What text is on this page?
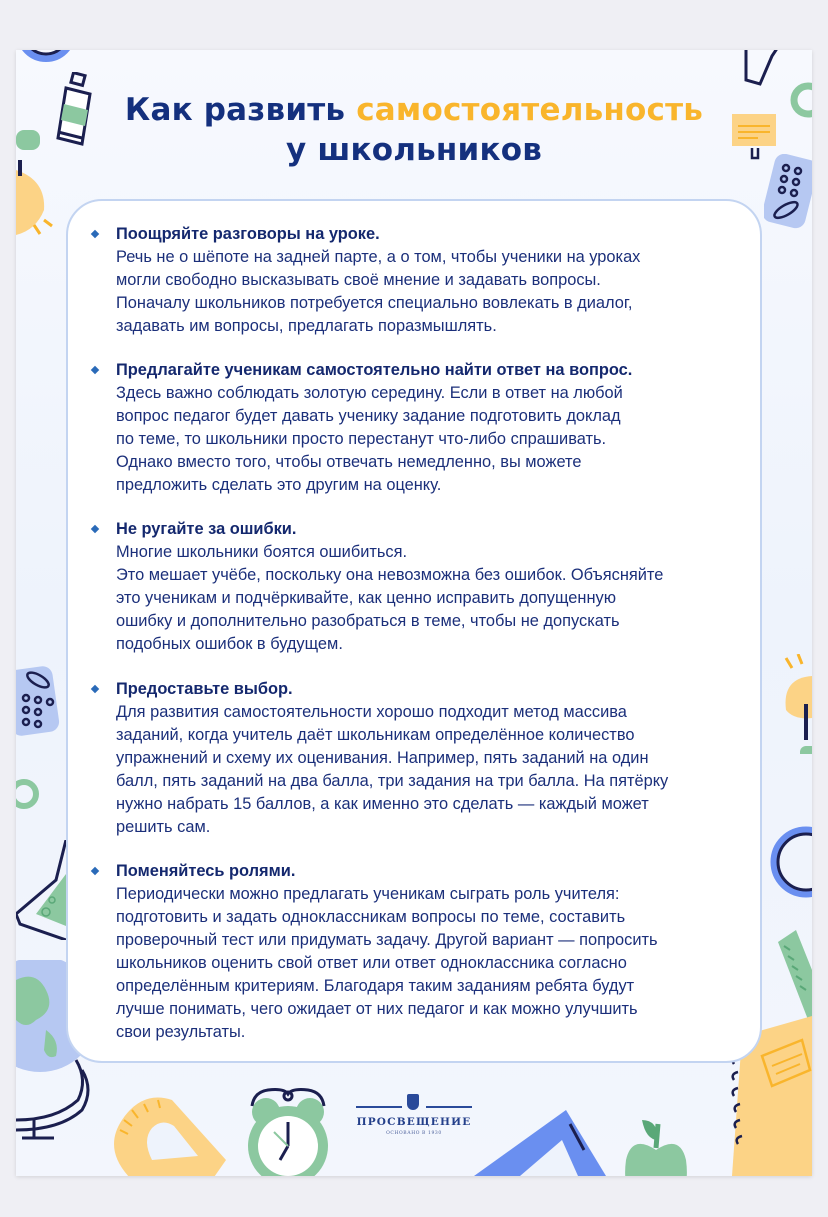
Как развить самостоятельность
у школьников
Поощряйте разговоры на уроке.
Речь не о шёпоте на задней парте, а о том, чтобы ученики на уроках
могли свободно высказывать своё мнение и задавать вопросы.
Поначалу школьников потребуется специально вовлекать в диалог,
задавать им вопросы, предлагать поразмышлять.
Предлагайте ученикам самостоятельно найти ответ на вопрос.
Здесь важно соблюдать золотую середину. Если в ответ на любой
вопрос педагог будет давать ученику задание подготовить доклад
по теме, то школьники просто перестанут что-либо спрашивать.
Однако вместо того, чтобы отвечать немедленно, вы можете
предложить сделать это другим на оценку.
Не ругайте за ошибки.
Многие школьники боятся ошибиться.
Это мешает учёбе, поскольку она невозможна без ошибок. Объясняйте
это ученикам и подчёркивайте, как ценно исправить допущенную
ошибку и дополнительно разобраться в теме, чтобы не допускать
подобных ошибок в будущем.
Предоставьте выбор.
Для развития самостоятельности хорошо подходит метод массива
заданий, когда учитель даёт школьникам определённое количество
упражнений и схему их оценивания. Например, пять заданий на один
балл, пять заданий на два балла, три задания на три балла. На пятёрку
нужно набрать 15 баллов, а как именно это сделать — каждый может
решить сам.
Поменяйтесь ролями.
Периодически можно предлагать ученикам сыграть роль учителя:
подготовить и задать одноклассникам вопросы по теме, составить
проверочный тест или придумать задачу. Другой вариант — попросить
школьников оценить свой ответ или ответ одноклассника согласно
определённым критериям. Благодаря таким заданиям ребята будут
лучше понимать, чего ожидает от них педагог и как можно улучшить
свои результаты.
ПРОСВЕЩЕНИЕ
ОСНОВАНО В 1930
